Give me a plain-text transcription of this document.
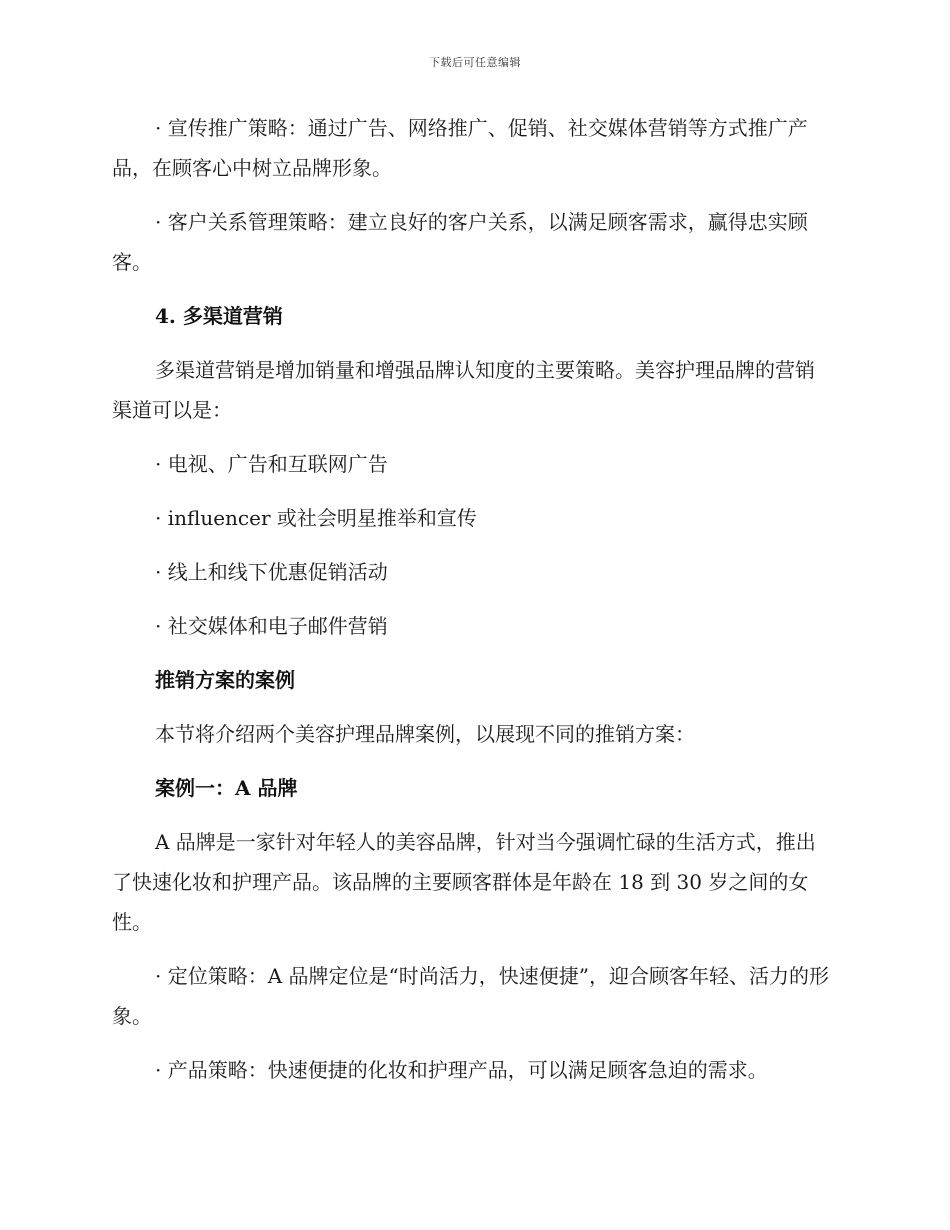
下载后可任意编辑

· 宣传推广策略：通过广告、网络推广、促销、社交媒体营销等方式推广产品，在顾客心中树立品牌形象。

· 客户关系管理策略：建立良好的客户关系，以满足顾客需求，赢得忠实顾客。

4. 多渠道营销

多渠道营销是增加销量和增强品牌认知度的主要策略。美容护理品牌的营销渠道可以是：

· 电视、广告和互联网广告

· influencer 或社会明星推举和宣传

· 线上和线下优惠促销活动

· 社交媒体和电子邮件营销

推销方案的案例

本节将介绍两个美容护理品牌案例，以展现不同的推销方案：

案例一：A 品牌

A 品牌是一家针对年轻人的美容品牌，针对当今强调忙碌的生活方式，推出了快速化妆和护理产品。该品牌的主要顾客群体是年龄在 18 到 30 岁之间的女性。

· 定位策略：A 品牌定位是“时尚活力，快速便捷”，迎合顾客年轻、活力的形象。

· 产品策略：快速便捷的化妆和护理产品，可以满足顾客急迫的需求。
